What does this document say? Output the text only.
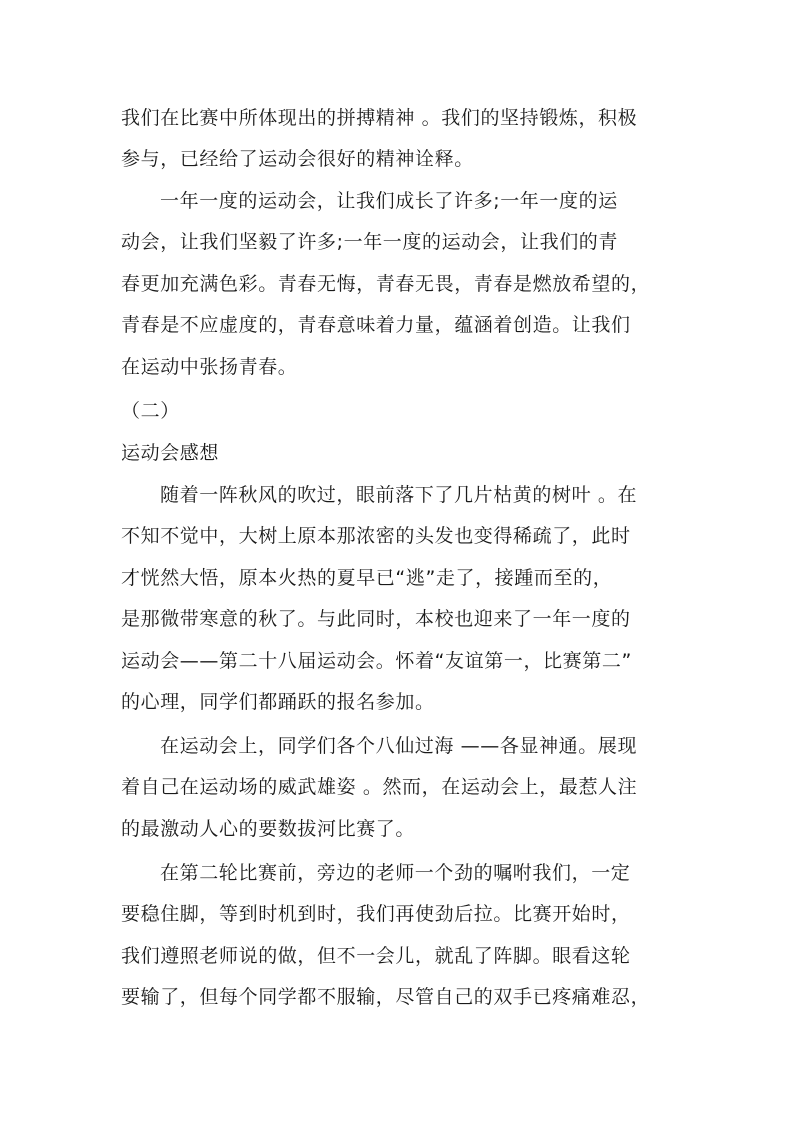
我们在比赛中所体现出的拼搏精神 。我们的坚持锻炼，积极
参与，已经给了运动会很好的精神诠释。
一年一度的运动会，让我们成长了许多;一年一度的运
动会，让我们坚毅了许多;一年一度的运动会，让我们的青
春更加充满色彩。青春无悔，青春无畏，青春是燃放希望的，
青春是不应虚度的，青春意味着力量，蕴涵着创造。让我们
在运动中张扬青春。
（二）
运动会感想
随着一阵秋风的吹过，眼前落下了几片枯黄的树叶 。在
不知不觉中，大树上原本那浓密的头发也变得稀疏了，此时
才恍然大悟，原本火热的夏早已“逃”走了，接踵而至的，
是那微带寒意的秋了。与此同时，本校也迎来了一年一度的
运动会——第二十八届运动会。怀着“友谊第一，比赛第二”
的心理，同学们都踊跃的报名参加。
在运动会上，同学们各个八仙过海 ——各显神通。展现
着自己在运动场的威武雄姿 。然而，在运动会上，最惹人注
的最激动人心的要数拔河比赛了。
在第二轮比赛前，旁边的老师一个劲的嘱咐我们，一定
要稳住脚，等到时机到时，我们再使劲后拉。比赛开始时，
我们遵照老师说的做，但不一会儿，就乱了阵脚。眼看这轮
要输了，但每个同学都不服输，尽管自己的双手已疼痛难忍，
